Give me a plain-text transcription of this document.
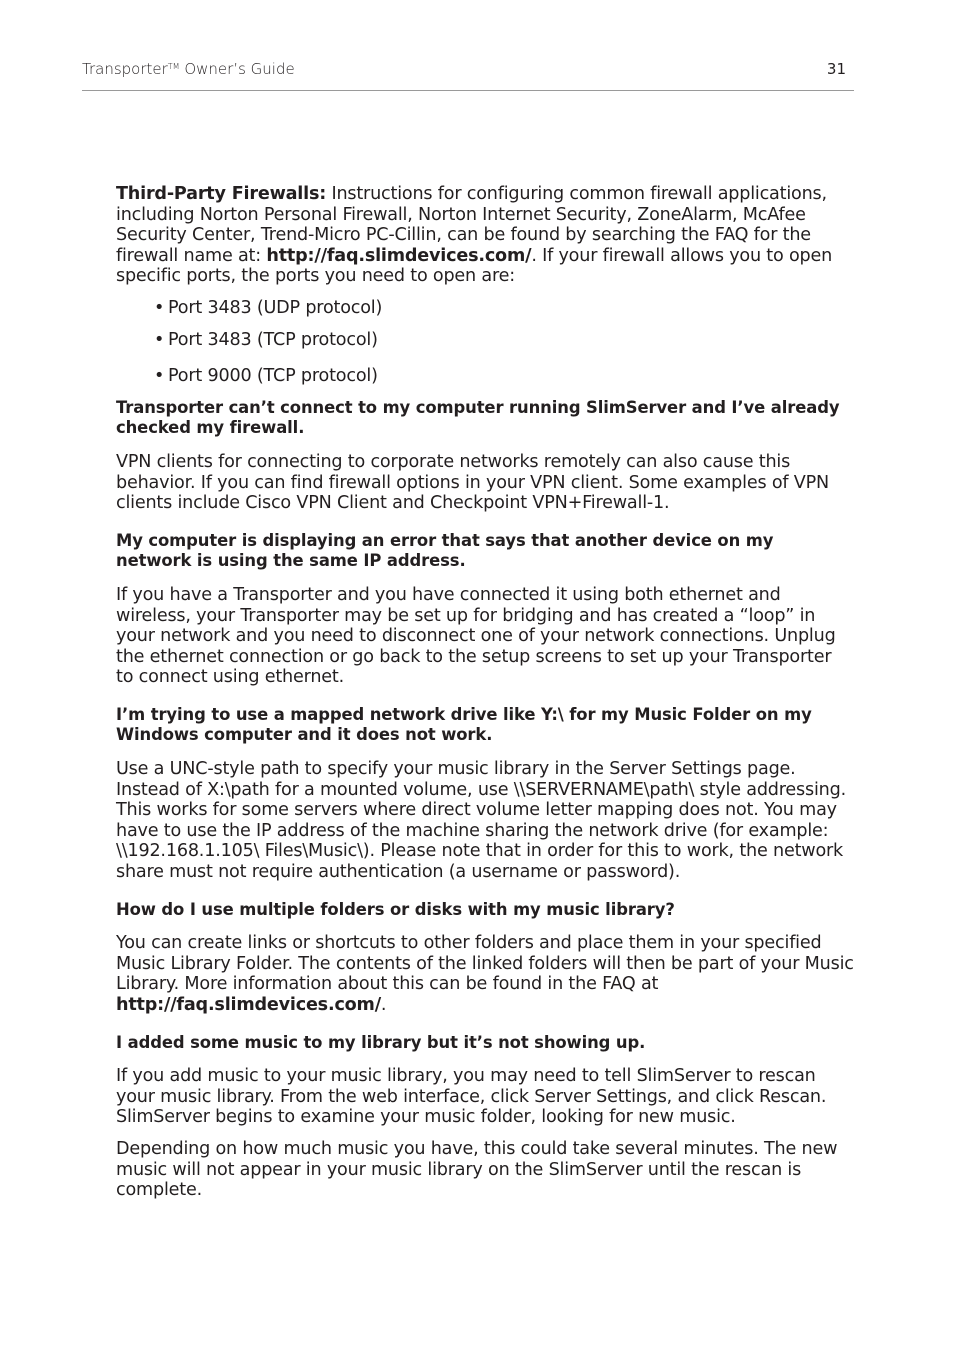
Transporter™ Owner’s Guide	31

Third-Party Firewalls: Instructions for configuring common firewall applications, including Norton Personal Firewall, Norton Internet Security, ZoneAlarm, McAfee Security Center, Trend-Micro PC-Cillin, can be found by searching the FAQ for the firewall name at: http://faq.slimdevices.com/. If your firewall allows you to open specific ports, the ports you need to open are:

• Port 3483 (UDP protocol)
• Port 3483 (TCP protocol)
• Port 9000 (TCP protocol)
Transporter can’t connect to my computer running SlimServer and I’ve already checked my firewall.

VPN clients for connecting to corporate networks remotely can also cause this behavior. If you can find firewall options in your VPN client. Some examples of VPN clients include Cisco VPN Client and Checkpoint VPN+Firewall-1.

My computer is displaying an error that says that another device on my network is using the same IP address.

If you have a Transporter and you have connected it using both ethernet and wireless, your Transporter may be set up for bridging and has created a “loop” in your network and you need to disconnect one of your network connections. Unplug the ethernet connection or go back to the setup screens to set up your Transporter to connect using ethernet.

I’m trying to use a mapped network drive like Y:\ for my Music Folder on my Windows computer and it does not work.

Use a UNC-style path to specify your music library in the Server Settings page. Instead of X:\path for a mounted volume, use \\SERVERNAME\path\ style addressing. This works for some servers where direct volume letter mapping does not. You may have to use the IP address of the machine sharing the network drive (for example: \\192.168.1.105\ Files\Music\). Please note that in order for this to work, the network share must not require authentication (a username or password).

How do I use multiple folders or disks with my music library?

You can create links or shortcuts to other folders and place them in your specified Music Library Folder. The contents of the linked folders will then be part of your Music Library. More information about this can be found in the FAQ at http://faq.slimdevices.com/.

I added some music to my library but it’s not showing up.

If you add music to your music library, you may need to tell SlimServer to rescan your music library. From the web interface, click Server Settings, and click Rescan. SlimServer begins to examine your music folder, looking for new music.

Depending on how much music you have, this could take several minutes. The new music will not appear in your music library on the SlimServer until the rescan is complete.
